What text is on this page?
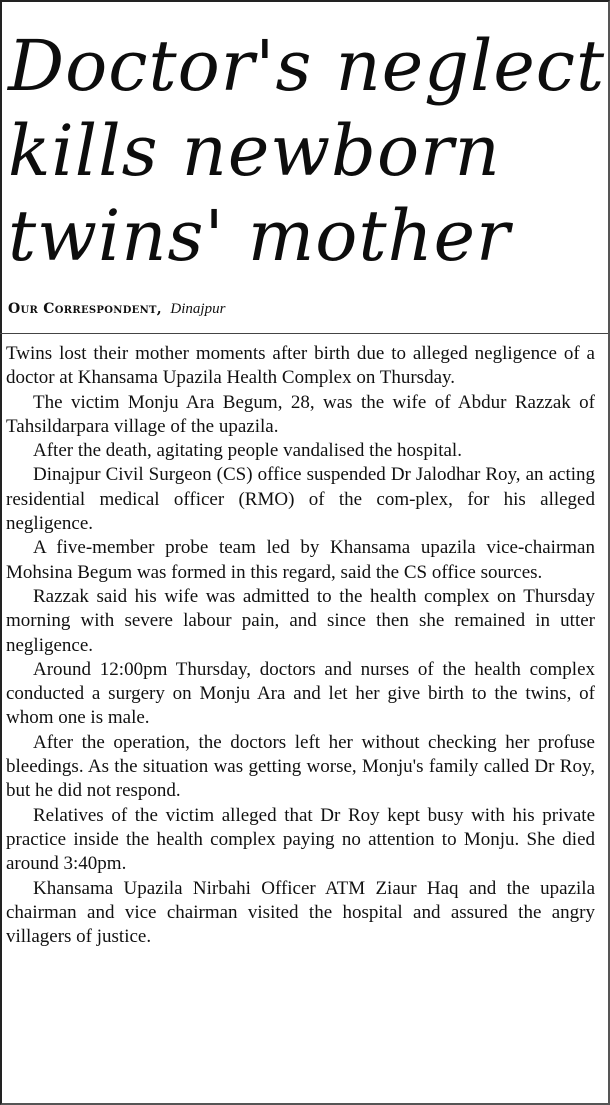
Doctor's neglect
kills newborn
twins' mother
Our Correspondent, Dinajpur

Twins lost their mother moments after birth due to alleged negligence of a doctor at Khansama Upazila Health Complex on Thursday.

The victim Monju Ara Begum, 28, was the wife of Abdur Razzak of Tahsildarpara village of the upazila.

After the death, agitating people vandalised the hospital.

Dinajpur Civil Surgeon (CS) office suspended Dr Jalodhar Roy, an acting residential medical officer (RMO) of the com-plex, for his alleged negligence.

A five-member probe team led by Khansama upazila vice-chairman Mohsina Begum was formed in this regard, said the CS office sources.

Razzak said his wife was admitted to the health complex on Thursday morning with severe labour pain, and since then she remained in utter negligence.

Around 12:00pm Thursday, doctors and nurses of the health complex conducted a surgery on Monju Ara and let her give birth to the twins, of whom one is male.

After the operation, the doctors left her without checking her profuse bleedings. As the situation was getting worse, Monju's family called Dr Roy, but he did not respond.

Relatives of the victim alleged that Dr Roy kept busy with his private practice inside the health complex paying no attention to Monju. She died around 3:40pm.

Khansama Upazila Nirbahi Officer ATM Ziaur Haq and the upazila chairman and vice chairman visited the hospital and assured the angry villagers of justice.
